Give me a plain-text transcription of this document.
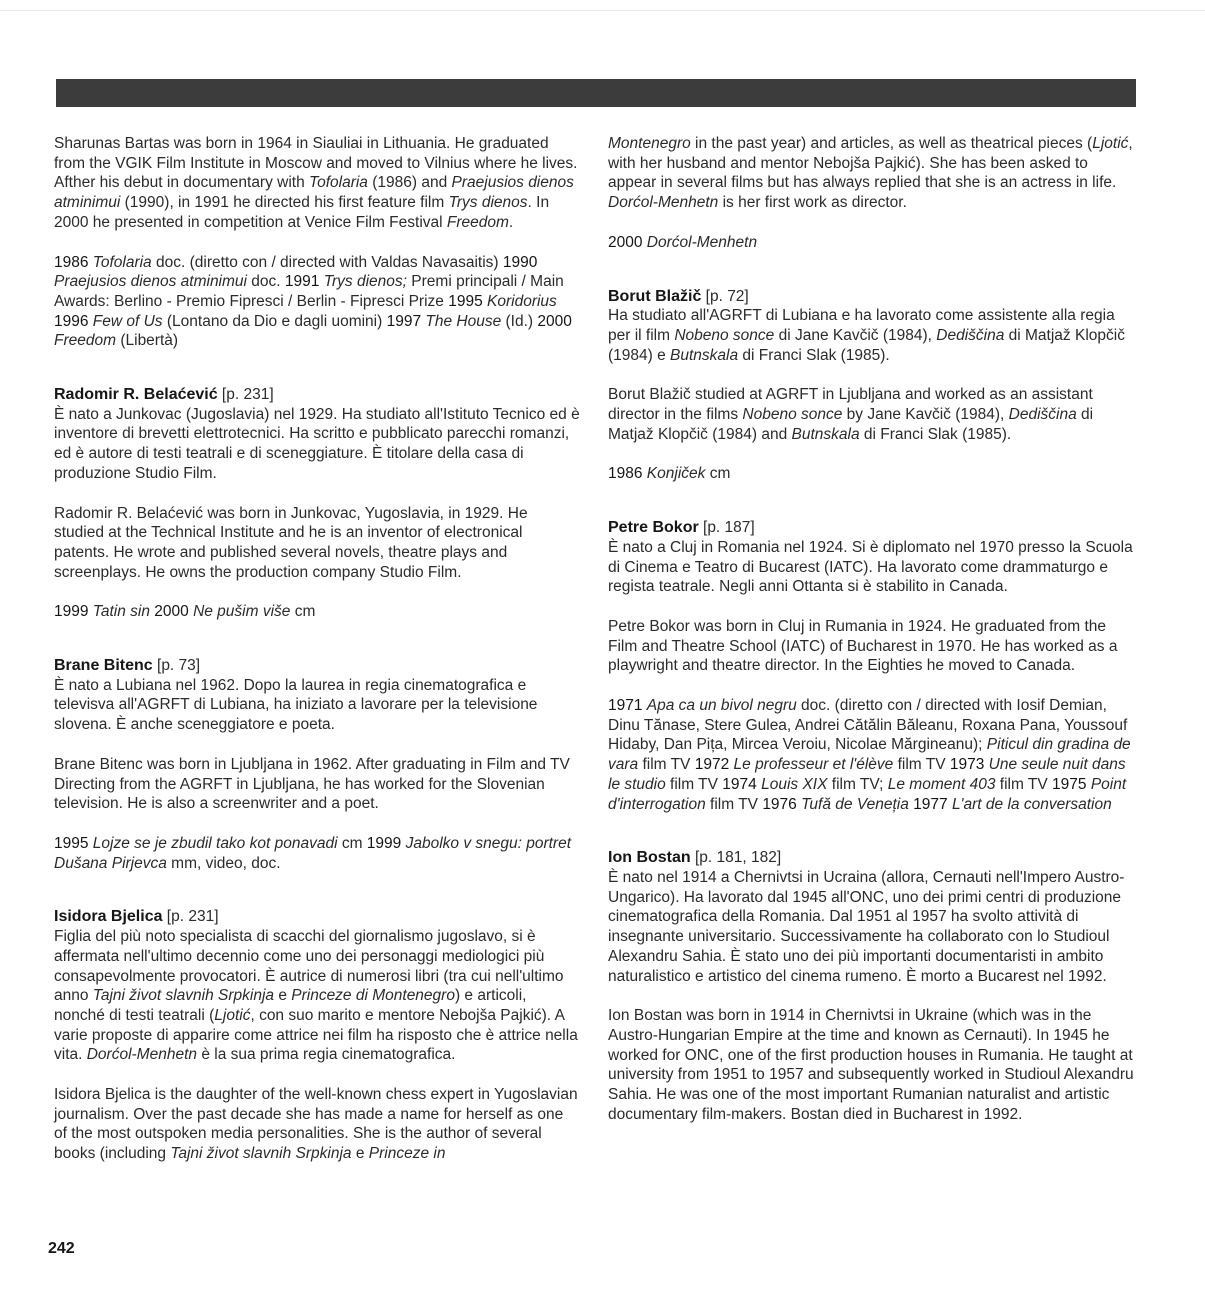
Sharunas Bartas was born in 1964 in Siauliai in Lithuania. He graduated from the VGIK Film Institute in Moscow and moved to Vilnius where he lives. Afther his debut in documentary with Tofolaria (1986) and Praejusios dienos atminimui (1990), in 1991 he directed his first feature film Trys dienos. In 2000 he presented in competition at Venice Film Festival Freedom.

1986 Tofolaria doc. (diretto con / directed with Valdas Navasaitis) 1990 Praejusios dienos atminimui doc. 1991 Trys dienos; Premi principali / Main Awards: Berlino - Premio Fipresci / Berlin - Fipresci Prize 1995 Koridorius 1996 Few of Us (Lontano da Dio e dagli uomini) 1997 The House (Id.) 2000 Freedom (Libertà)

Radomir R. Belaćević [p. 231]

È nato a Junkovac (Jugoslavia) nel 1929. Ha studiato all'Istituto Tecnico ed è inventore di brevetti elettrotecnici. Ha scritto e pubblicato parecchi romanzi, ed è autore di testi teatrali e di sceneggiature. È titolare della casa di produzione Studio Film.

Radomir R. Belaćević was born in Junkovac, Yugoslavia, in 1929. He studied at the Technical Institute and he is an inventor of electronical patents. He wrote and published several novels, theatre plays and screenplays. He owns the production company Studio Film.

1999 Tatin sin 2000 Ne pušim više cm

Brane Bitenc [p. 73]

È nato a Lubiana nel 1962. Dopo la laurea in regia cinematografica e televisva all'AGRFT di Lubiana, ha iniziato a lavorare per la televisione slovena. È anche sceneggiatore e poeta.

Brane Bitenc was born in Ljubljana in 1962. After graduating in Film and TV Directing from the AGRFT in Ljubljana, he has worked for the Slovenian television. He is also a screenwriter and a poet.

1995 Lojze se je zbudil tako kot ponavadi cm 1999 Jabolko v snegu: portret Dušana Pirjevca mm, video, doc.

Isidora Bjelica [p. 231]

Figlia del più noto specialista di scacchi del giornalismo jugoslavo, si è affermata nell'ultimo decennio come uno dei personaggi mediologici più consapevolmente provocatori. È autrice di numerosi libri (tra cui nell'ultimo anno Tajni život slavnih Srpkinja e Princeze di Montenegro) e articoli, nonché di testi teatrali (Ljotić, con suo marito e mentore Nebojša Pajkić). A varie proposte di apparire come attrice nei film ha risposto che è attrice nella vita. Dorćol-Menhetn è la sua prima regia cinematografica.

Isidora Bjelica is the daughter of the well-known chess expert in Yugoslavian journalism. Over the past decade she has made a name for herself as one of the most outspoken media personalities. She is the author of several books (including Tajni život slavnih Srpkinja e Princeze in

Montenegro in the past year) and articles, as well as theatrical pieces (Ljotić, with her husband and mentor Nebojša Pajkić). She has been asked to appear in several films but has always replied that she is an actress in life. Dorćol-Menhetn is her first work as director.

2000 Dorćol-Menhetn

Borut Blažič [p. 72]

Ha studiato all'AGRFT di Lubiana e ha lavorato come assistente alla regia per il film Nobeno sonce di Jane Kavčič (1984), Dediščina di Matjaž Klopčič (1984) e Butnskala di Franci Slak (1985).

Borut Blažič studied at AGRFT in Ljubljana and worked as an assistant director in the films Nobeno sonce by Jane Kavčič (1984), Dediščina di Matjaž Klopčič (1984) and Butnskala di Franci Slak (1985).

1986 Konjiček cm

Petre Bokor [p. 187]

È nato a Cluj in Romania nel 1924. Si è diplomato nel 1970 presso la Scuola di Cinema e Teatro di Bucarest (IATC). Ha lavorato come drammaturgo e regista teatrale. Negli anni Ottanta si è stabilito in Canada.

Petre Bokor was born in Cluj in Rumania in 1924. He graduated from the Film and Theatre School (IATC) of Bucharest in 1970. He has worked as a playwright and theatre director. In the Eighties he moved to Canada.

1971 Apa ca un bivol negru doc. (diretto con / directed with Iosif Demian, Dinu Tănase, Stere Gulea, Andrei Cătălin Băleanu, Roxana Pana, Youssouf Hidaby, Dan Pița, Mircea Veroiu, Nicolae Mărgineanu); Piticul din gradina de vara film TV 1972 Le professeur et l'élève film TV 1973 Une seule nuit dans le studio film TV 1974 Louis XIX film TV; Le moment 403 film TV 1975 Point d'interrogation film TV 1976 Tufă de Veneția 1977 L'art de la conversation

Ion Bostan [p. 181, 182]

È nato nel 1914 a Chernivtsi in Ucraina (allora, Cernauti nell'Impero Austro-Ungarico). Ha lavorato dal 1945 all'ONC, uno dei primi centri di produzione cinematografica della Romania. Dal 1951 al 1957 ha svolto attività di insegnante universitario. Successivamente ha collaborato con lo Studioul Alexandru Sahia. È stato uno dei più importanti documentaristi in ambito naturalistico e artistico del cinema rumeno. È morto a Bucarest nel 1992.

Ion Bostan was born in 1914 in Chernivtsi in Ukraine (which was in the Austro-Hungarian Empire at the time and known as Cernauti). In 1945 he worked for ONC, one of the first production houses in Rumania. He taught at university from 1951 to 1957 and subsequently worked in Studioul Alexandru Sahia. He was one of the most important Rumanian naturalist and artistic documentary film-makers. Bostan died in Bucharest in 1992.

242
